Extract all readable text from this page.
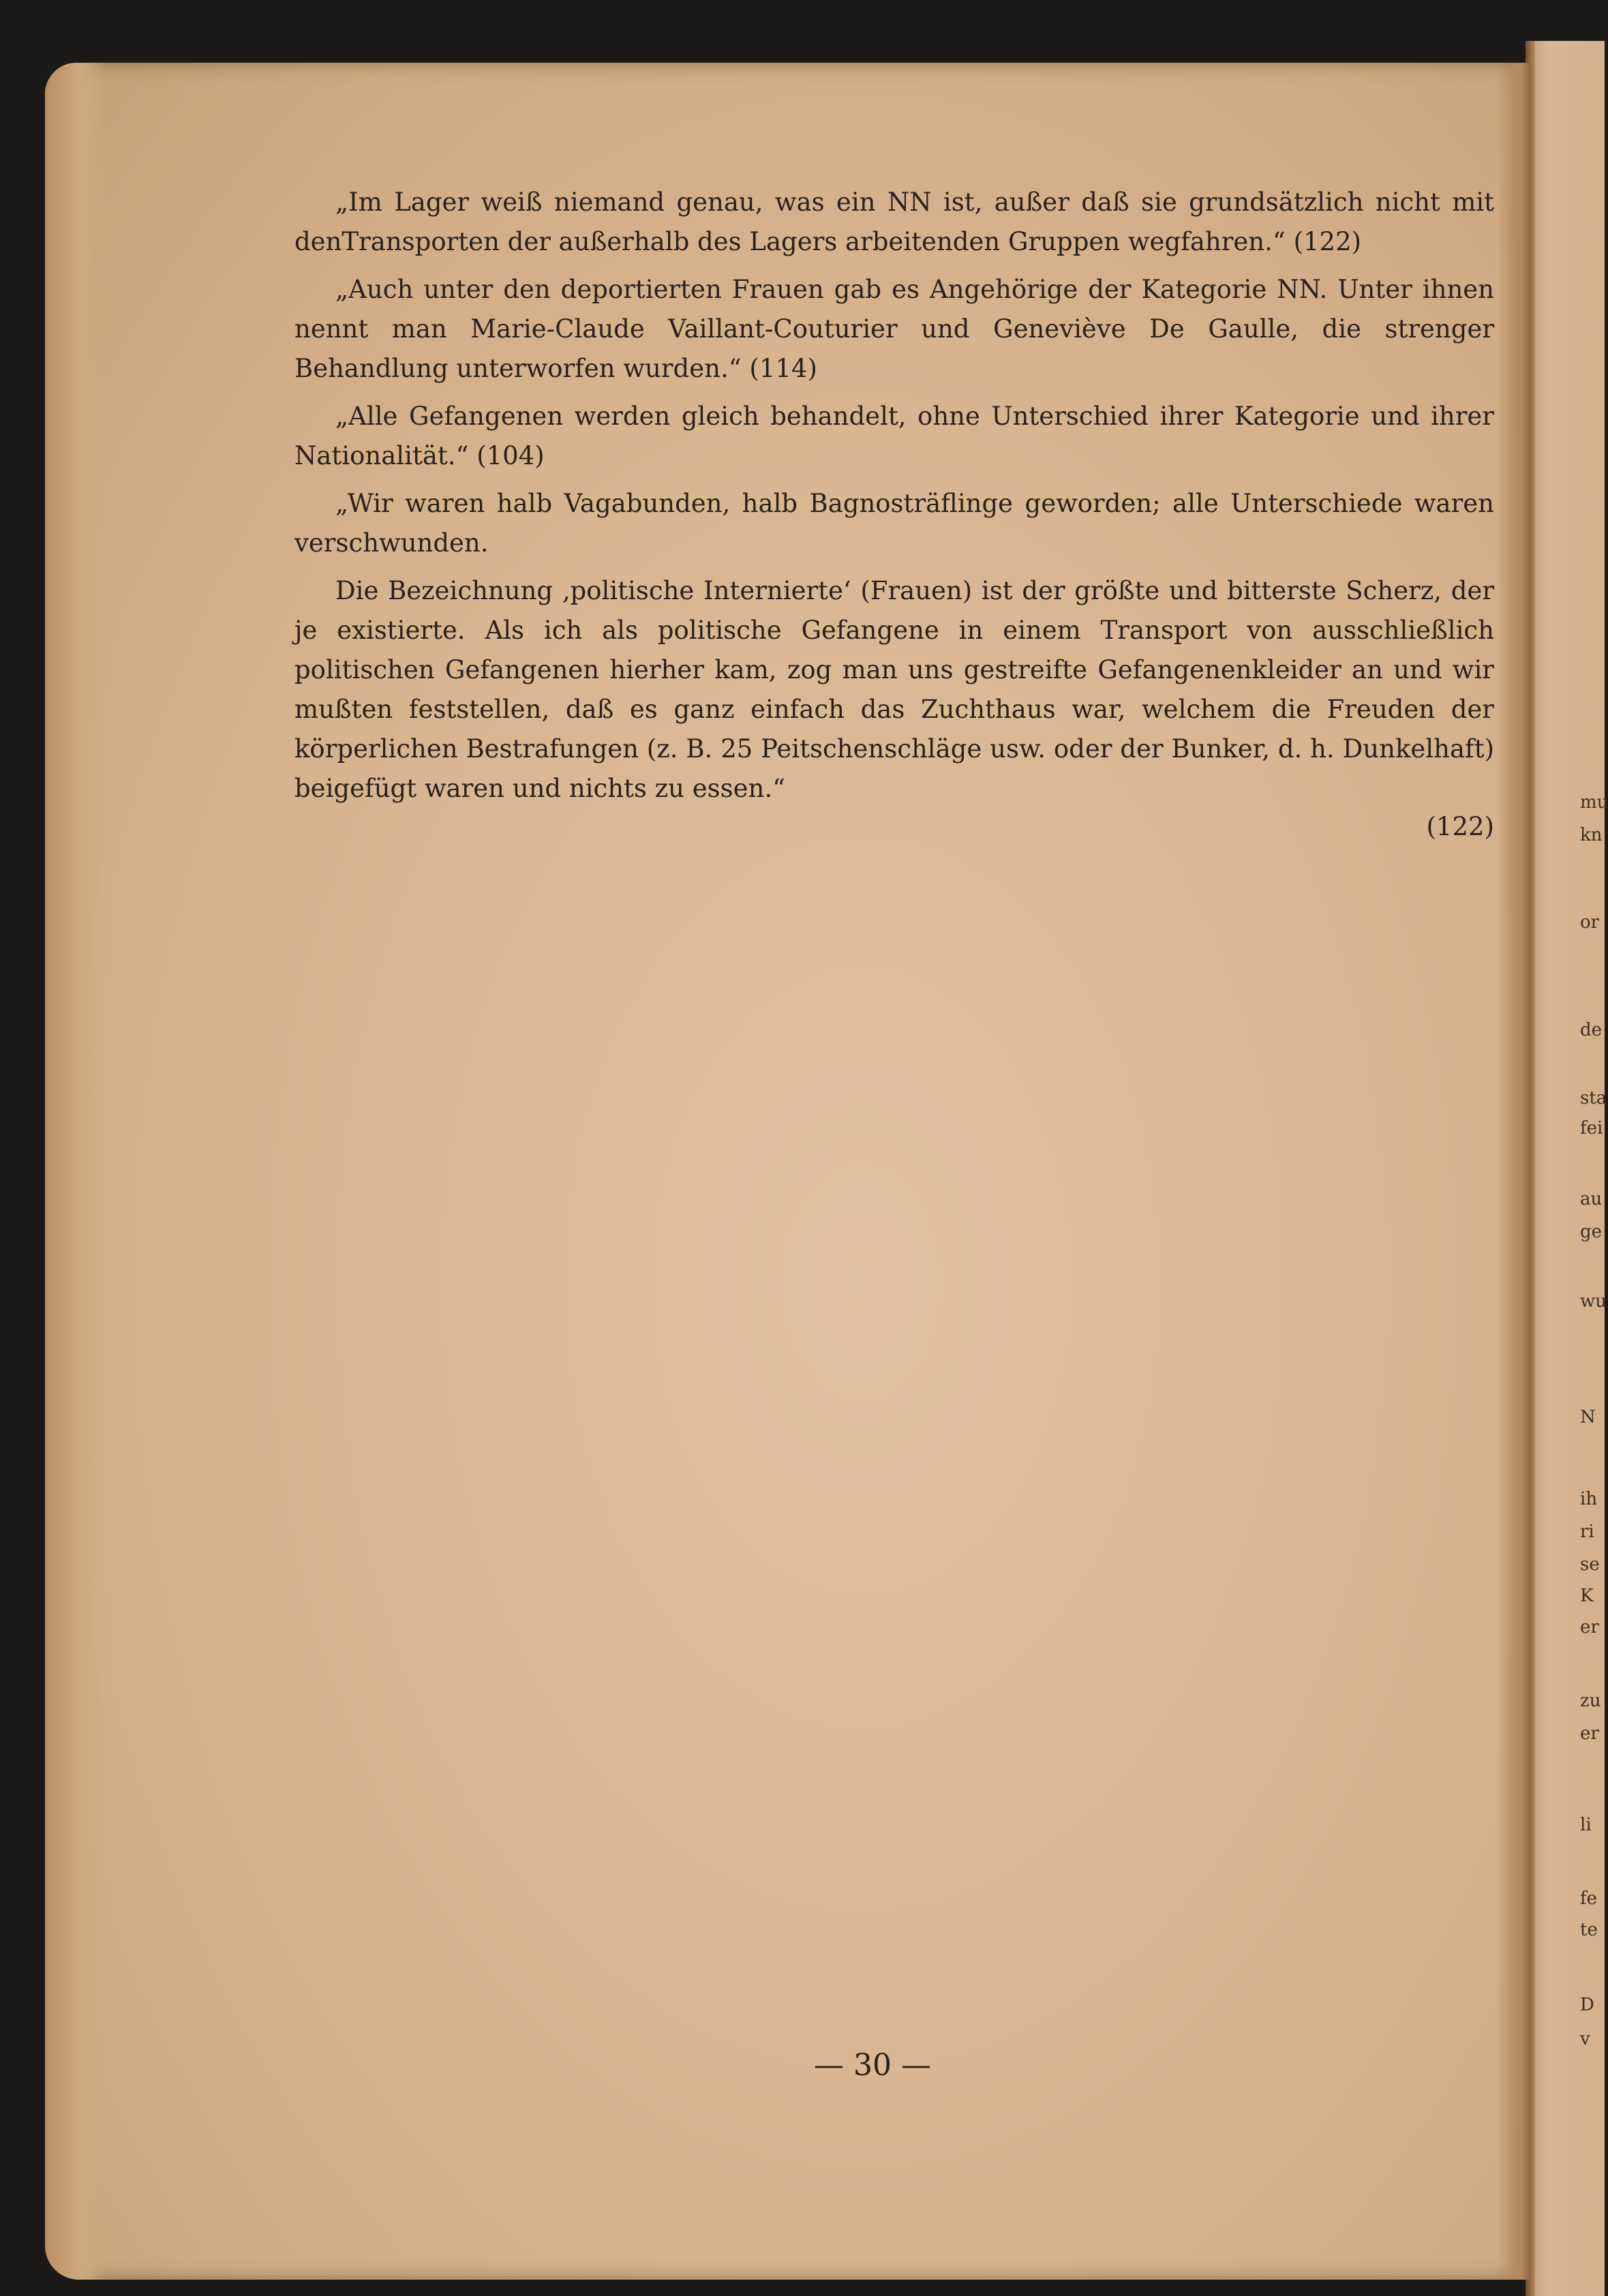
mu
kn
or
de
sta
fei
au
ge
wu
N
ih
ri
se
K
er
zu
er
li
fe
te
D
v

„Im Lager weiß niemand genau, was ein NN ist, außer daß sie grundsätzlich nicht mit denTransporten der außerhalb des Lagers arbeitenden Gruppen wegfahren.“ (122)

„Auch unter den deportierten Frauen gab es Angehörige der Kategorie NN. Unter ihnen nennt man Marie-Claude Vaillant-Couturier und Geneviève De Gaulle, die strenger Behandlung unterworfen wurden.“ (114)

„Alle Gefangenen werden gleich behandelt, ohne Unterschied ihrer Kategorie und ihrer Nationalität.“ (104)

„Wir waren halb Vagabunden, halb Bagnosträflinge geworden; alle Unterschiede waren verschwunden.

Die Bezeichnung ‚politische Internierte‘ (Frauen) ist der größte und bitterste Scherz, der je existierte. Als ich als politische Gefangene in einem Transport von ausschließlich politischen Gefangenen hierher kam, zog man uns gestreifte Gefangenenkleider an und wir mußten feststellen, daß es ganz einfach das Zuchthaus war, welchem die Freuden der körperlichen Bestrafungen (z. B. 25 Peitschenschläge usw. oder der Bunker, d. h. Dunkelhaft) beigefügt waren und nichts zu essen.“

(122)

— 30 —
